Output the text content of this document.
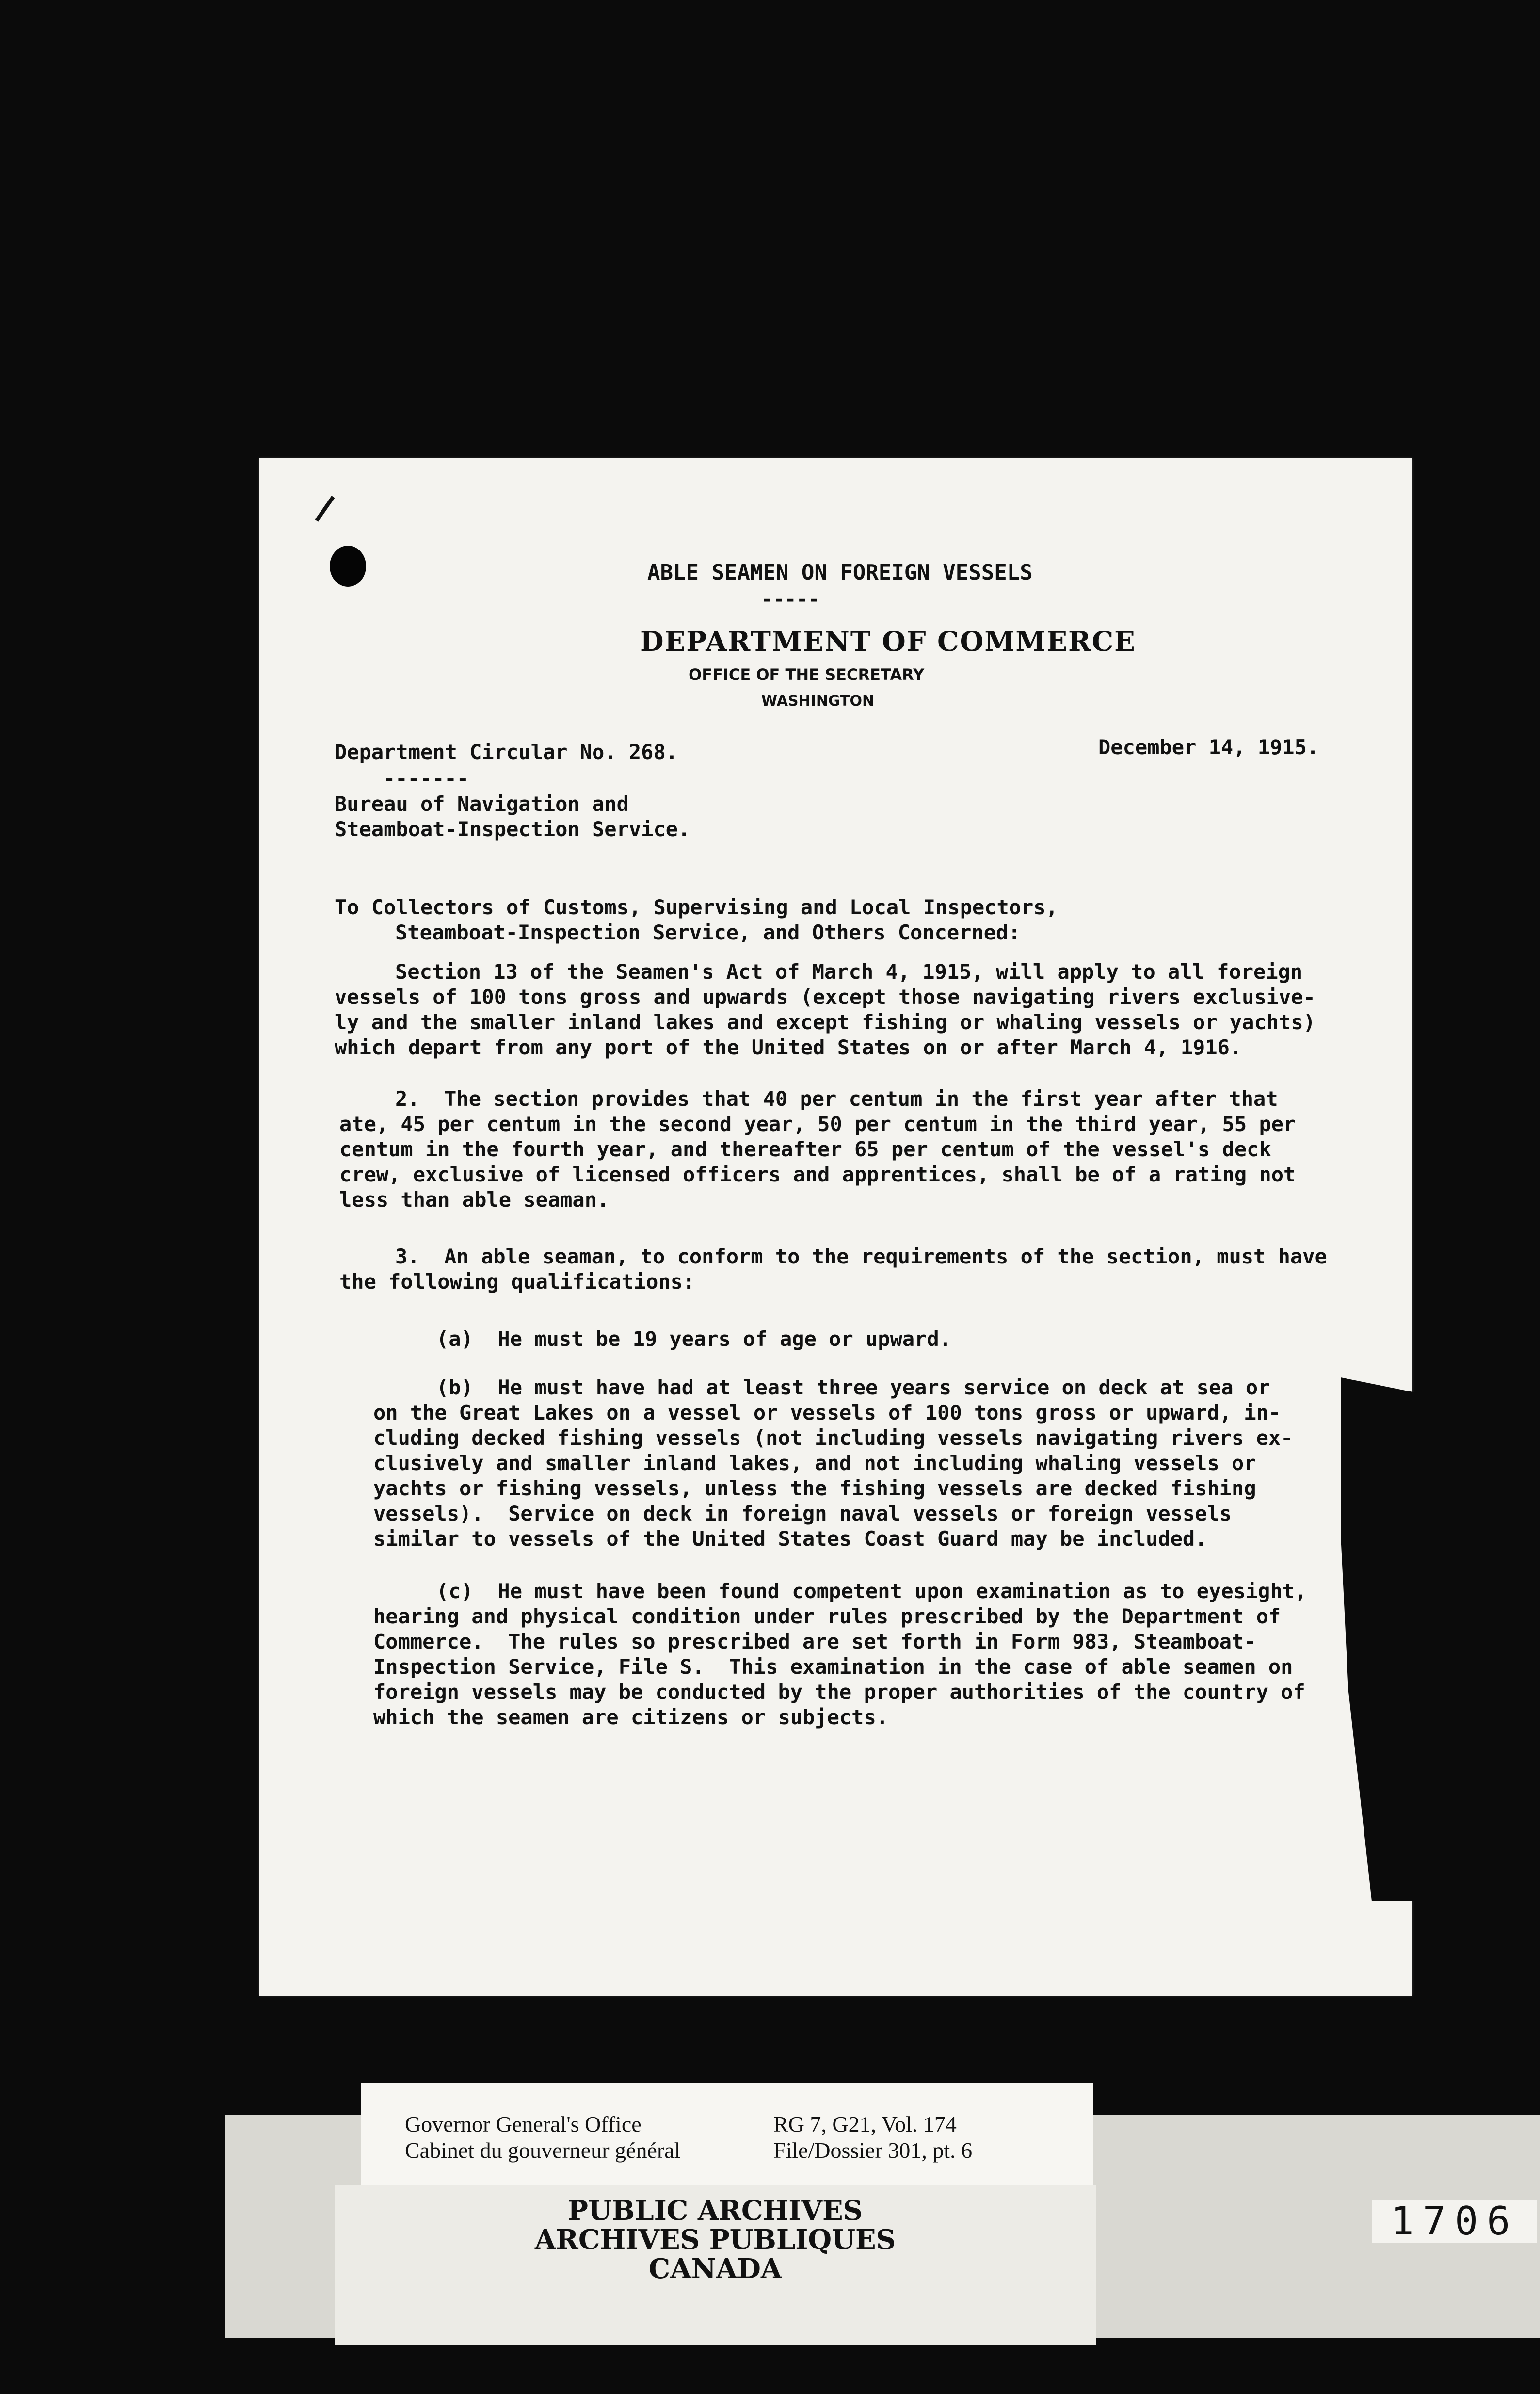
ABLE SEAMEN ON FOREIGN VESSELS
-----
DEPARTMENT OF COMMERCE
OFFICE OF THE SECRETARY
WASHINGTON
Department Circular No. 268.	December 14, 1915.
-------
Bureau of Navigation and
Steamboat-Inspection Service.
To Collectors of Customs, Supervising and Local Inspectors,
Steamboat-Inspection Service, and Others Concerned:
Section 13 of the Seamen's Act of March 4, 1915, will apply to all foreign
vessels of 100 tons gross and upwards (except those navigating rivers exclusive-
ly and the smaller inland lakes and except fishing or whaling vessels or yachts)
which depart from any port of the United States on or after March 4, 1916.
2.  The section provides that 40 per centum in the first year after that
ate, 45 per centum in the second year, 50 per centum in the third year, 55 per
centum in the fourth year, and thereafter 65 per centum of the vessel's deck
crew, exclusive of licensed officers and apprentices, shall be of a rating not
less than able seaman.
3.  An able seaman, to conform to the requirements of the section, must have
the following qualifications:
(a)  He must be 19 years of age or upward.
(b)  He must have had at least three years service on deck at sea or
on the Great Lakes on a vessel or vessels of 100 tons gross or upward, in-
cluding decked fishing vessels (not including vessels navigating rivers ex-
clusively and smaller inland lakes, and not including whaling vessels or
yachts or fishing vessels, unless the fishing vessels are decked fishing
vessels).  Service on deck in foreign naval vessels or foreign vessels
similar to vessels of the United States Coast Guard may be included.
(c)  He must have been found competent upon examination as to eyesight,
hearing and physical condition under rules prescribed by the Department of
Commerce.  The rules so prescribed are set forth in Form 983, Steamboat-
Inspection Service, File S.  This examination in the case of able seamen on
foreign vessels may be conducted by the proper authorities of the country of
which the seamen are citizens or subjects.
Governor General's Office
Cabinet du gouverneur général
RG 7, G21, Vol. 174
File/Dossier 301, pt. 6
PUBLIC ARCHIVES
ARCHIVES PUBLIQUES
CANADA
1706
